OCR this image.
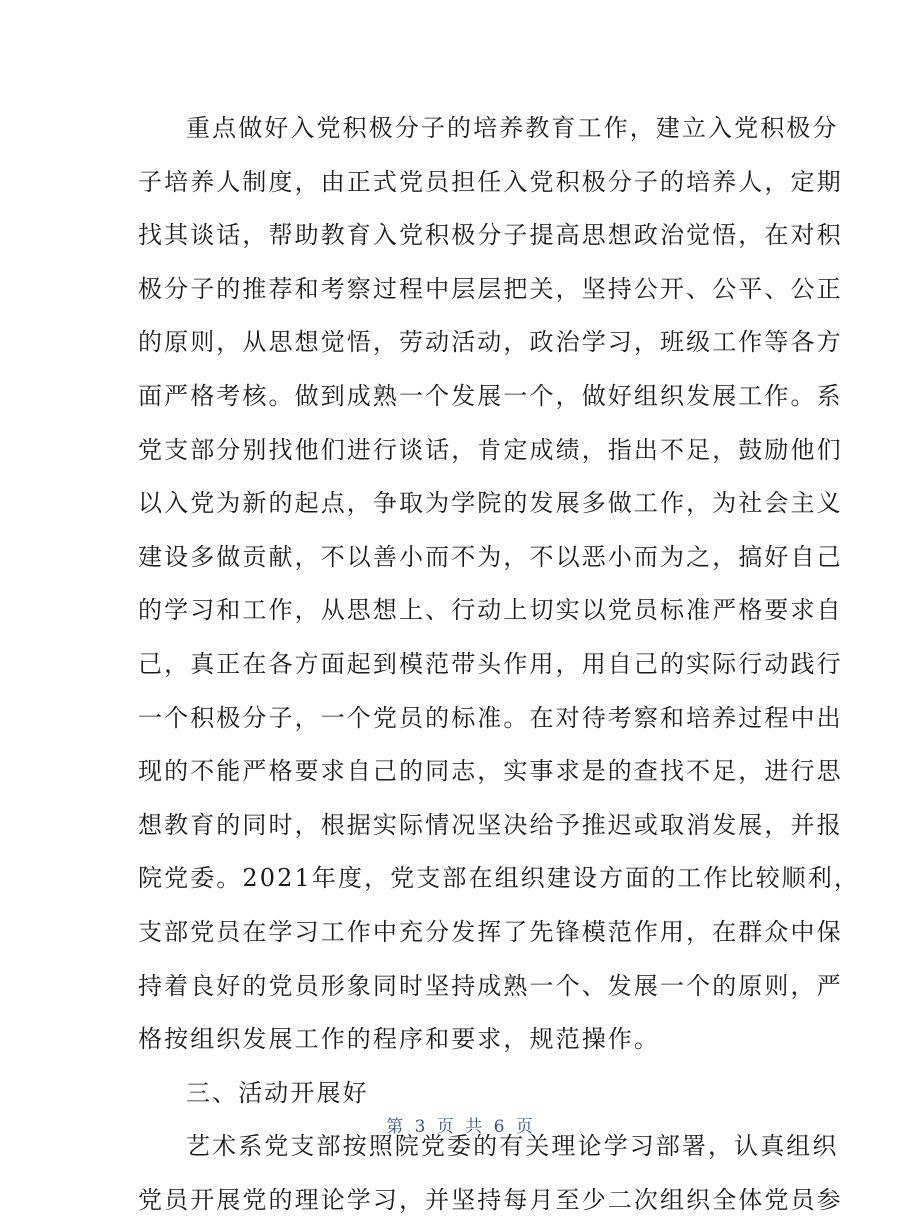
重点做好入党积极分子的培养教育工作，建立入党积极分
子培养人制度，由正式党员担任入党积极分子的培养人，定期
找其谈话，帮助教育入党积极分子提高思想政治觉悟，在对积
极分子的推荐和考察过程中层层把关，坚持公开、公平、公正
的原则，从思想觉悟，劳动活动，政治学习，班级工作等各方
面严格考核。做到成熟一个发展一个，做好组织发展工作。系
党支部分别找他们进行谈话，肯定成绩，指出不足，鼓励他们
以入党为新的起点，争取为学院的发展多做工作，为社会主义
建设多做贡献，不以善小而不为，不以恶小而为之，搞好自己
的学习和工作，从思想上、行动上切实以党员标准严格要求自
己，真正在各方面起到模范带头作用，用自己的实际行动践行
一个积极分子，一个党员的标准。在对待考察和培养过程中出
现的不能严格要求自己的同志，实事求是的查找不足，进行思
想教育的同时，根据实际情况坚决给予推迟或取消发展，并报
院党委。2021年度，党支部在组织建设方面的工作比较顺利，
支部党员在学习工作中充分发挥了先锋模范作用，在群众中保
持着良好的党员形象同时坚持成熟一个、发展一个的原则，严
格按组织发展工作的程序和要求，规范操作。
三、活动开展好
艺术系党支部按照院党委的有关理论学习部署，认真组织
党员开展党的理论学习，并坚持每月至少二次组织全体党员参
第 3 页 共 6 页
